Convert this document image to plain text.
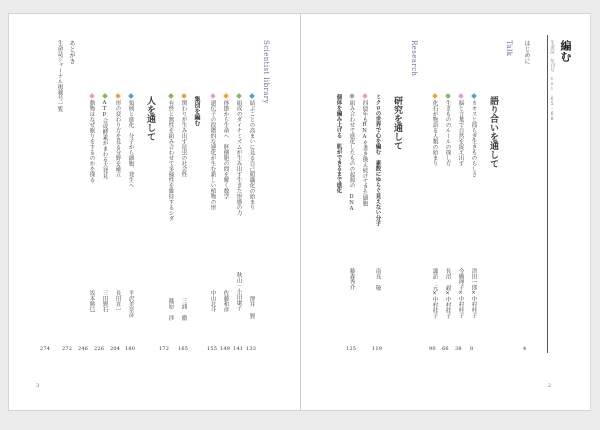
編む
生命誌 年刊号 vol.65-68
はじめに
4
Talk
語り合いを通して
カオスと揺らぎ生きものらしさ
津田一郎×中村桂子
8
脳と言葉で自然を捉え出す
今橋理子×中村桂子
38
生きもののルールの探し方
長沼 毅×中村桂子
66
化石が物語る人類の始まり
諏訪 元×中村桂子
90
Research
研究を通して
ミクロの世界で心を編む　素数にゆらぐ見えない分子
南良 敬
四億年もRNAを書き換え続けてきた細胞
119
組み合わせで進化したものの起源の DNA
藤森秀介
125
個体を編み上げる　肌ができるまで進化
2
Scientist library
結ぶことの高まいに見る自己組織化の始まり
澤井 賢
133
組成のダイナミズムが生み出す生きた形態の力
秋山－小田康子
141
体節から生命へ　胚細胞の問を解く数学
佐藤和彦
149
遺伝子の段階的な連化が生む新しい植物の形
中山北斗
155
集団を編む
関わりが生み出す昆虫の社会性
三浦 徹
165
有性と無性を組み合わせて多様性を維持するシダ
篠原 渉
172
人を通して
領域と進化　分子から細胞、発生へ
平沢美奈彦
180
形の変わり方を見る分野を確立
長田直一
204
ATP合成酵素がまわる大発見
三田賢石
226
動物はなぜ眠りをするのかを探る
坂本勝巳
246
あとがき
272
生命誌ジャーナル掲載号一覧
274
3
